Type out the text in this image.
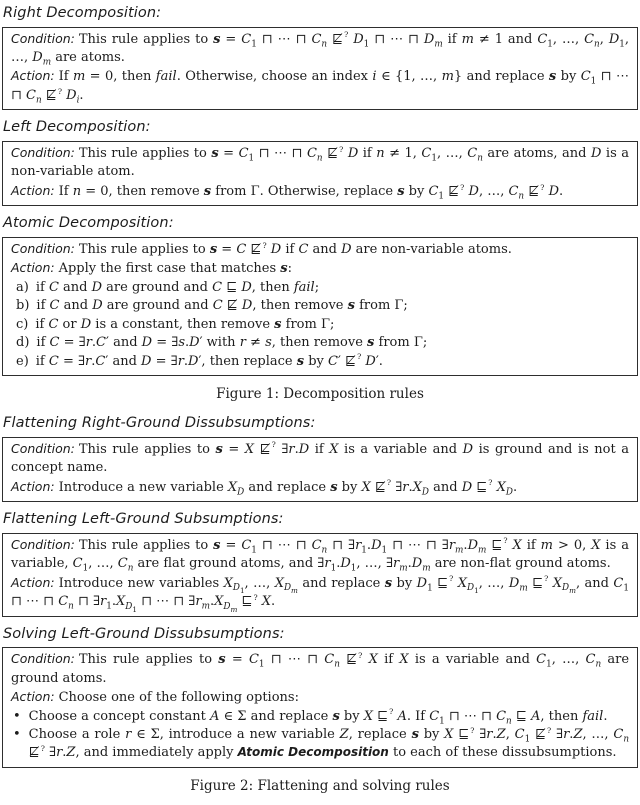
Right Decomposition:

Condition: This rule applies to $s = C_1$ ⊓ ⋯ ⊓ $C_n$ ⋢? $D_1$ ⊓ ⋯ ⊓ $D_m$ if m ≠ 1 and $C_1$, …, $C_n$, $D_1$, …, $D_m$ are atoms.

Action: If m = 0, then fail. Otherwise, choose an index i ∈ {1, …, m} and replace s by $C_1$ ⊓ ⋯ ⊓ $C_n$ ⋢? $D_i$.

Left Decomposition:

Condition: This rule applies to $s = C_1$ ⊓ ⋯ ⊓ $C_n$ ⋢? D if n ≠ 1, $C_1$, …, $C_n$ are atoms, and D is a non-variable atom.

Action: If n = 0, then remove s from Γ. Otherwise, replace s by $C_1$ ⋢? D, …, $C_n$ ⋢? D.

Atomic Decomposition:

Condition: This rule applies to s = C ⋢? D if C and D are non-variable atoms.

Action: Apply the first case that matches s:

a) if C and D are ground and C ⊑ D, then fail;

b) if C and D are ground and C ⋢ D, then remove s from Γ;

c) if C or D is a constant, then remove s from Γ;

d) if C = ∃r.C′ and D = ∃s.D′ with r ≠ s, then remove s from Γ;

e) if C = ∃r.C′ and D = ∃r.D′, then replace s by C′ ⋢? D′.

Figure 1: Decomposition rules

Flattening Right-Ground Dissubsumptions:

Condition: This rule applies to s = X ⋢? ∃r.D if X is a variable and D is ground and is not a concept name.

Action: Introduce a new variable $X_D$ and replace s by X ⋢? $\exists r.X_D$ and D ⊑? $X_D$.

Flattening Left-Ground Subsumptions:

Condition: This rule applies to $s = C_1$ ⊓ ⋯ ⊓ $C_n$ ⊓ $\exists r_1.D_1$ ⊓ ⋯ ⊓ $\exists r_m.D_m$ ⊑? X if m > 0, X is a variable, $C_1$, …, $C_n$ are flat ground atoms, and $\exists r_1.D_1$, …, $\exists r_m.D_m$ are non-flat ground atoms.

Action: Introduce new variables $X_{D_1}$, …, $X_{D_m}$ and replace s by $D_1$ ⊑? $X_{D_1}$, …, $D_m$ ⊑? $X_{D_m}$, and $C_1$ ⊓ ⋯ ⊓ $C_n$ ⊓ $\exists r_1.X_{D_1}$ ⊓ ⋯ ⊓ $\exists r_m.X_{D_m}$ ⊑? X.

Solving Left-Ground Dissubsumptions:

Condition: This rule applies to $s = C_1$ ⊓ ⋯ ⊓ $C_n$ ⋢? X if X is a variable and $C_1$, …, $C_n$ are ground atoms.

Action: Choose one of the following options:

• Choose a concept constant A ∈ Σ and replace s by X ⊑? A. If $C_1$ ⊓ ⋯ ⊓ $C_n$ ⊑ A, then fail.
• Choose a role r ∈ Σ, introduce a new variable Z, replace s by X ⊑? ∃r.Z, $C_1$ ⋢? ∃r.Z, …, $C_n$ ⋢? ∃r.Z, and immediately apply Atomic Decomposition to each of these dissubsumptions.

Figure 2: Flattening and solving rules
